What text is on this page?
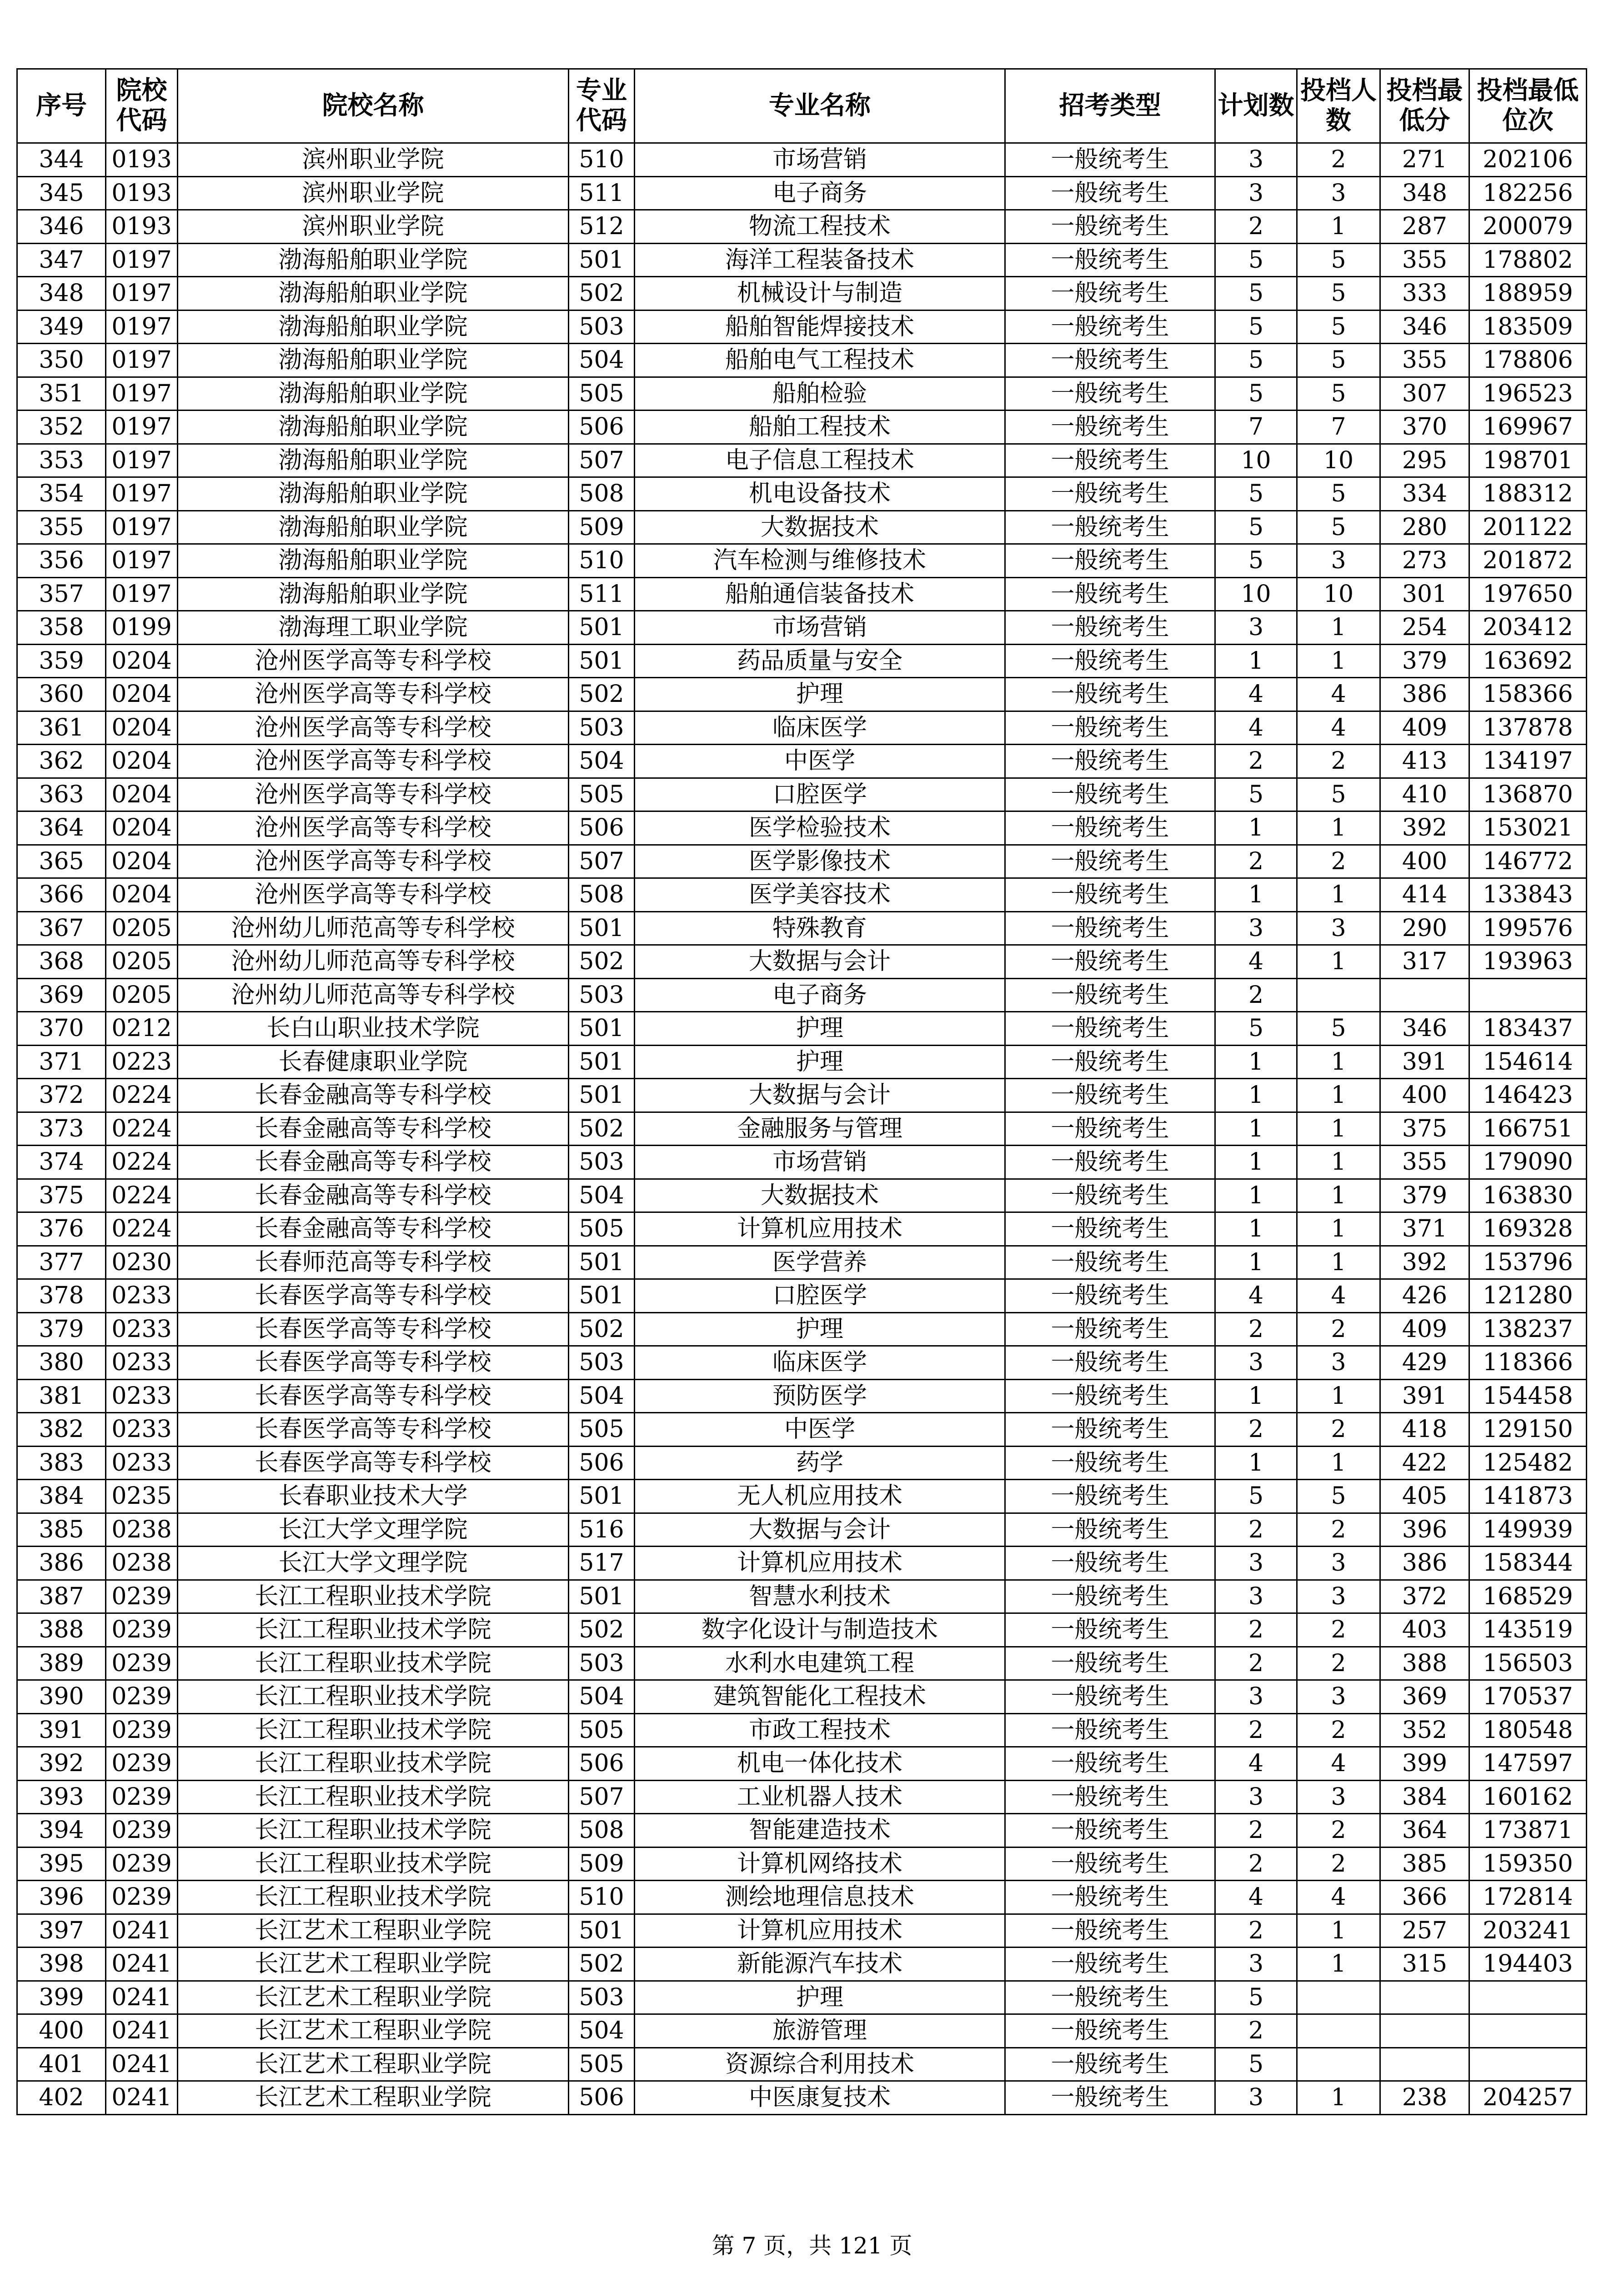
序号	院校代码	院校名称	专业代码	专业名称	招考类型	计划数	投档人数	投档最低分	投档最低位次
344	0193	滨州职业学院	510	市场营销	一般统考生	3	2	271	202106
345	0193	滨州职业学院	511	电子商务	一般统考生	3	3	348	182256
346	0193	滨州职业学院	512	物流工程技术	一般统考生	2	1	287	200079
347	0197	渤海船舶职业学院	501	海洋工程装备技术	一般统考生	5	5	355	178802
348	0197	渤海船舶职业学院	502	机械设计与制造	一般统考生	5	5	333	188959
349	0197	渤海船舶职业学院	503	船舶智能焊接技术	一般统考生	5	5	346	183509
350	0197	渤海船舶职业学院	504	船舶电气工程技术	一般统考生	5	5	355	178806
351	0197	渤海船舶职业学院	505	船舶检验	一般统考生	5	5	307	196523
352	0197	渤海船舶职业学院	506	船舶工程技术	一般统考生	7	7	370	169967
353	0197	渤海船舶职业学院	507	电子信息工程技术	一般统考生	10	10	295	198701
354	0197	渤海船舶职业学院	508	机电设备技术	一般统考生	5	5	334	188312
355	0197	渤海船舶职业学院	509	大数据技术	一般统考生	5	5	280	201122
356	0197	渤海船舶职业学院	510	汽车检测与维修技术	一般统考生	5	3	273	201872
357	0197	渤海船舶职业学院	511	船舶通信装备技术	一般统考生	10	10	301	197650
358	0199	渤海理工职业学院	501	市场营销	一般统考生	3	1	254	203412
359	0204	沧州医学高等专科学校	501	药品质量与安全	一般统考生	1	1	379	163692
360	0204	沧州医学高等专科学校	502	护理	一般统考生	4	4	386	158366
361	0204	沧州医学高等专科学校	503	临床医学	一般统考生	4	4	409	137878
362	0204	沧州医学高等专科学校	504	中医学	一般统考生	2	2	413	134197
363	0204	沧州医学高等专科学校	505	口腔医学	一般统考生	5	5	410	136870
364	0204	沧州医学高等专科学校	506	医学检验技术	一般统考生	1	1	392	153021
365	0204	沧州医学高等专科学校	507	医学影像技术	一般统考生	2	2	400	146772
366	0204	沧州医学高等专科学校	508	医学美容技术	一般统考生	1	1	414	133843
367	0205	沧州幼儿师范高等专科学校	501	特殊教育	一般统考生	3	3	290	199576
368	0205	沧州幼儿师范高等专科学校	502	大数据与会计	一般统考生	4	1	317	193963
369	0205	沧州幼儿师范高等专科学校	503	电子商务	一般统考生	2			
370	0212	长白山职业技术学院	501	护理	一般统考生	5	5	346	183437
371	0223	长春健康职业学院	501	护理	一般统考生	1	1	391	154614
372	0224	长春金融高等专科学校	501	大数据与会计	一般统考生	1	1	400	146423
373	0224	长春金融高等专科学校	502	金融服务与管理	一般统考生	1	1	375	166751
374	0224	长春金融高等专科学校	503	市场营销	一般统考生	1	1	355	179090
375	0224	长春金融高等专科学校	504	大数据技术	一般统考生	1	1	379	163830
376	0224	长春金融高等专科学校	505	计算机应用技术	一般统考生	1	1	371	169328
377	0230	长春师范高等专科学校	501	医学营养	一般统考生	1	1	392	153796
378	0233	长春医学高等专科学校	501	口腔医学	一般统考生	4	4	426	121280
379	0233	长春医学高等专科学校	502	护理	一般统考生	2	2	409	138237
380	0233	长春医学高等专科学校	503	临床医学	一般统考生	3	3	429	118366
381	0233	长春医学高等专科学校	504	预防医学	一般统考生	1	1	391	154458
382	0233	长春医学高等专科学校	505	中医学	一般统考生	2	2	418	129150
383	0233	长春医学高等专科学校	506	药学	一般统考生	1	1	422	125482
384	0235	长春职业技术大学	501	无人机应用技术	一般统考生	5	5	405	141873
385	0238	长江大学文理学院	516	大数据与会计	一般统考生	2	2	396	149939
386	0238	长江大学文理学院	517	计算机应用技术	一般统考生	3	3	386	158344
387	0239	长江工程职业技术学院	501	智慧水利技术	一般统考生	3	3	372	168529
388	0239	长江工程职业技术学院	502	数字化设计与制造技术	一般统考生	2	2	403	143519
389	0239	长江工程职业技术学院	503	水利水电建筑工程	一般统考生	2	2	388	156503
390	0239	长江工程职业技术学院	504	建筑智能化工程技术	一般统考生	3	3	369	170537
391	0239	长江工程职业技术学院	505	市政工程技术	一般统考生	2	2	352	180548
392	0239	长江工程职业技术学院	506	机电一体化技术	一般统考生	4	4	399	147597
393	0239	长江工程职业技术学院	507	工业机器人技术	一般统考生	3	3	384	160162
394	0239	长江工程职业技术学院	508	智能建造技术	一般统考生	2	2	364	173871
395	0239	长江工程职业技术学院	509	计算机网络技术	一般统考生	2	2	385	159350
396	0239	长江工程职业技术学院	510	测绘地理信息技术	一般统考生	4	4	366	172814
397	0241	长江艺术工程职业学院	501	计算机应用技术	一般统考生	2	1	257	203241
398	0241	长江艺术工程职业学院	502	新能源汽车技术	一般统考生	3	1	315	194403
399	0241	长江艺术工程职业学院	503	护理	一般统考生	5			
400	0241	长江艺术工程职业学院	504	旅游管理	一般统考生	2			
401	0241	长江艺术工程职业学院	505	资源综合利用技术	一般统考生	5			
402	0241	长江艺术工程职业学院	506	中医康复技术	一般统考生	3	1	238	204257
第 7 页，共 121 页
